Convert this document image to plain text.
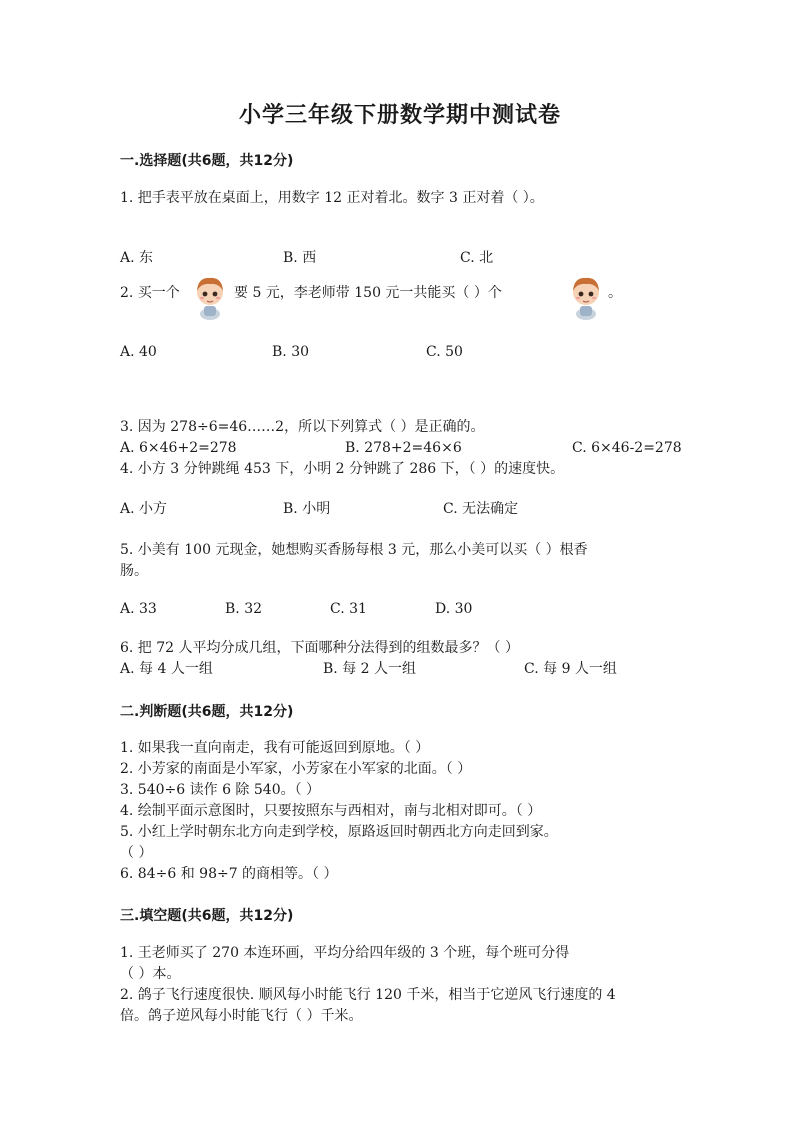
小学三年级下册数学期中测试卷
一.选择题(共6题，共12分)
1. 把手表平放在桌面上，用数字 12 正对着北。数字 3 正对着（ ）。
A. 东	B. 西	C. 北
2. 买一个	要 5 元，李老师带 150 元一共能买（ ）个	。
A. 40	B. 30	C. 50
3. 因为 278÷6=46……2，所以下列算式（ ）是正确的。
A. 6×46+2=278	B. 278+2=46×6	C. 6×46-2=278
4. 小方 3 分钟跳绳 453 下，小明 2 分钟跳了 286 下，（ ）的速度快。
A. 小方	B. 小明	C. 无法确定
5. 小美有 100 元现金，她想购买香肠每根 3 元，那么小美可以买（ ）根香
肠。
A. 33	B. 32	C. 31	D. 30
6. 把 72 人平均分成几组，下面哪种分法得到的组数最多？（ ）
A. 每 4 人一组	B. 每 2 人一组	C. 每 9 人一组
二.判断题(共6题，共12分)
1. 如果我一直向南走，我有可能返回到原地。（ ）
2. 小芳家的南面是小军家，小芳家在小军家的北面。（ ）
3. 540÷6 读作 6 除 540。（ ）
4. 绘制平面示意图时，只要按照东与西相对，南与北相对即可。（ ）
5. 小红上学时朝东北方向走到学校，原路返回时朝西北方向走回到家。
（ ）
6. 84÷6 和 98÷7 的商相等。（ ）
三.填空题(共6题，共12分)
1. 王老师买了 270 本连环画，平均分给四年级的 3 个班，每个班可分得
（ ）本。
2. 鸽子飞行速度很快. 顺风每小时能飞行 120 千米，相当于它逆风飞行速度的 4
倍。鸽子逆风每小时能飞行（ ）千米。
